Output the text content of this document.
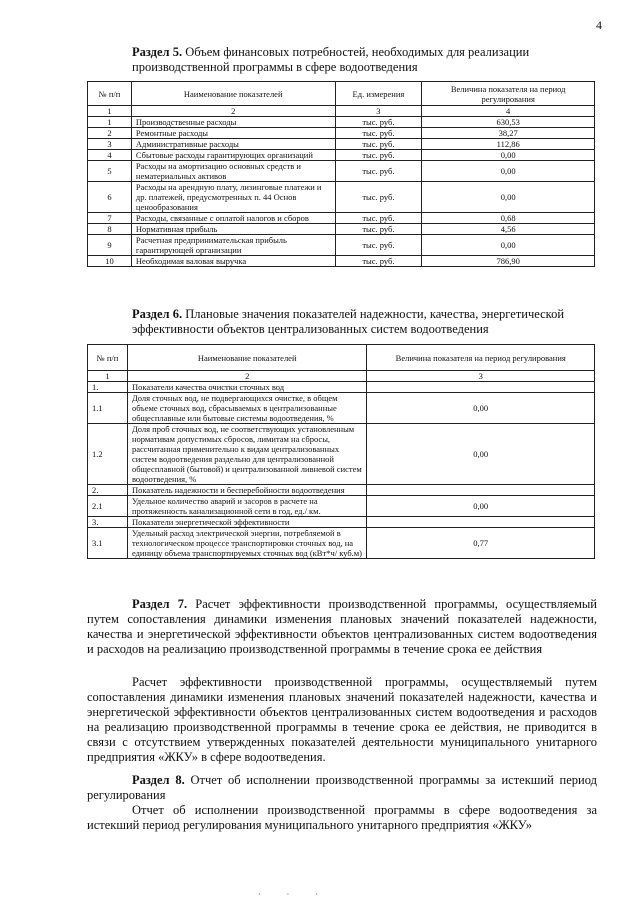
4
Раздел 5. Объем финансовых потребностей, необходимых для реализации производственной программы в сфере водоотведения
№ п/п	Наименование показателей	Ед. измерения	Величина показателя на период регулирования
1	2	3	4
1	Производственные расходы	тыс. руб.	630,53
2	Ремонтные расходы	тыс. руб.	38,27
3	Административные расходы	тыс. руб.	112,86
4	Сбытовые расходы гарантирующих организаций	тыс. руб.	0,00
5	Расходы на амортизацию основных средств и нематериальных активов	тыс. руб.	0,00
6	Расходы на арендную плату, лизинговые платежи и др. платежей, предусмотренных п. 44 Основ ценообразования	тыс. руб.	0,00
7	Расходы, связанные с оплатой налогов и сборов	тыс. руб.	0,68
8	Нормативная прибыль	тыс. руб.	4,56
9	Расчетная предпринимательская прибыль гарантирующей организации	тыс. руб.	0,00
10	Необходимая валовая выручка	тыс. руб.	786,90
Раздел 6. Плановые значения показателей надежности, качества, энергетической эффективности объектов централизованных систем водоотведения
№ п/п	Наименование показателей	Величина показателя на период регулирования
1	2	3
1.	Показатели качества очистки сточных вод	
1.1	Доля сточных вод, не подвергающихся очистке, в общем объеме сточных вод, сбрасываемых в централизованные общесплавные или бытовые системы водоотведения, %	0,00
1.2	Доля проб сточных вод, не соответствующих установленным нормативам допустимых сбросов, лимитам на сбросы, рассчитанная применительно к видам централизованных систем водоотведения раздельно для централизованной общесплавной (бытовой) и централизованной ливневой систем водоотведения, %	0,00
2.	Показатель надежности и бесперебойности водоотведения	
2.1	Удельное количество аварий и засоров в расчете на протяженность канализационной сети в год, ед./ км.	0,00
3.	Показатели энергетической эффективности	
3.1	Удельный расход электрической энергии, потребляемой в технологическом процессе транспортировки сточных вод, на единицу объема транспортируемых сточных вод (кВт*ч/ куб.м)	0,77
Раздел 7. Расчет эффективности производственной программы, осуществляемый путем сопоставления динамики изменения плановых значений показателей надежности, качества и энергетической эффективности объектов централизованных систем водоотведения и расходов на реализацию производственной программы в течение срока ее действия
Расчет эффективности производственной программы, осуществляемый путем сопоставления динамики изменения плановых значений показателей надежности, качества и энергетической эффективности объектов централизованных систем водоотведения и расходов на реализацию производственной программы в течение срока ее действия, не приводится в связи с отсутствием утвержденных показателей деятельности муниципального унитарного предприятия «ЖКУ» в сфере водоотведения.
Раздел 8. Отчет об исполнении производственной программы за истекший период регулирования
Отчет об исполнении производственной программы в сфере водоотведения за истекший период регулирования муниципального унитарного предприятия «ЖКУ»
· · ·
